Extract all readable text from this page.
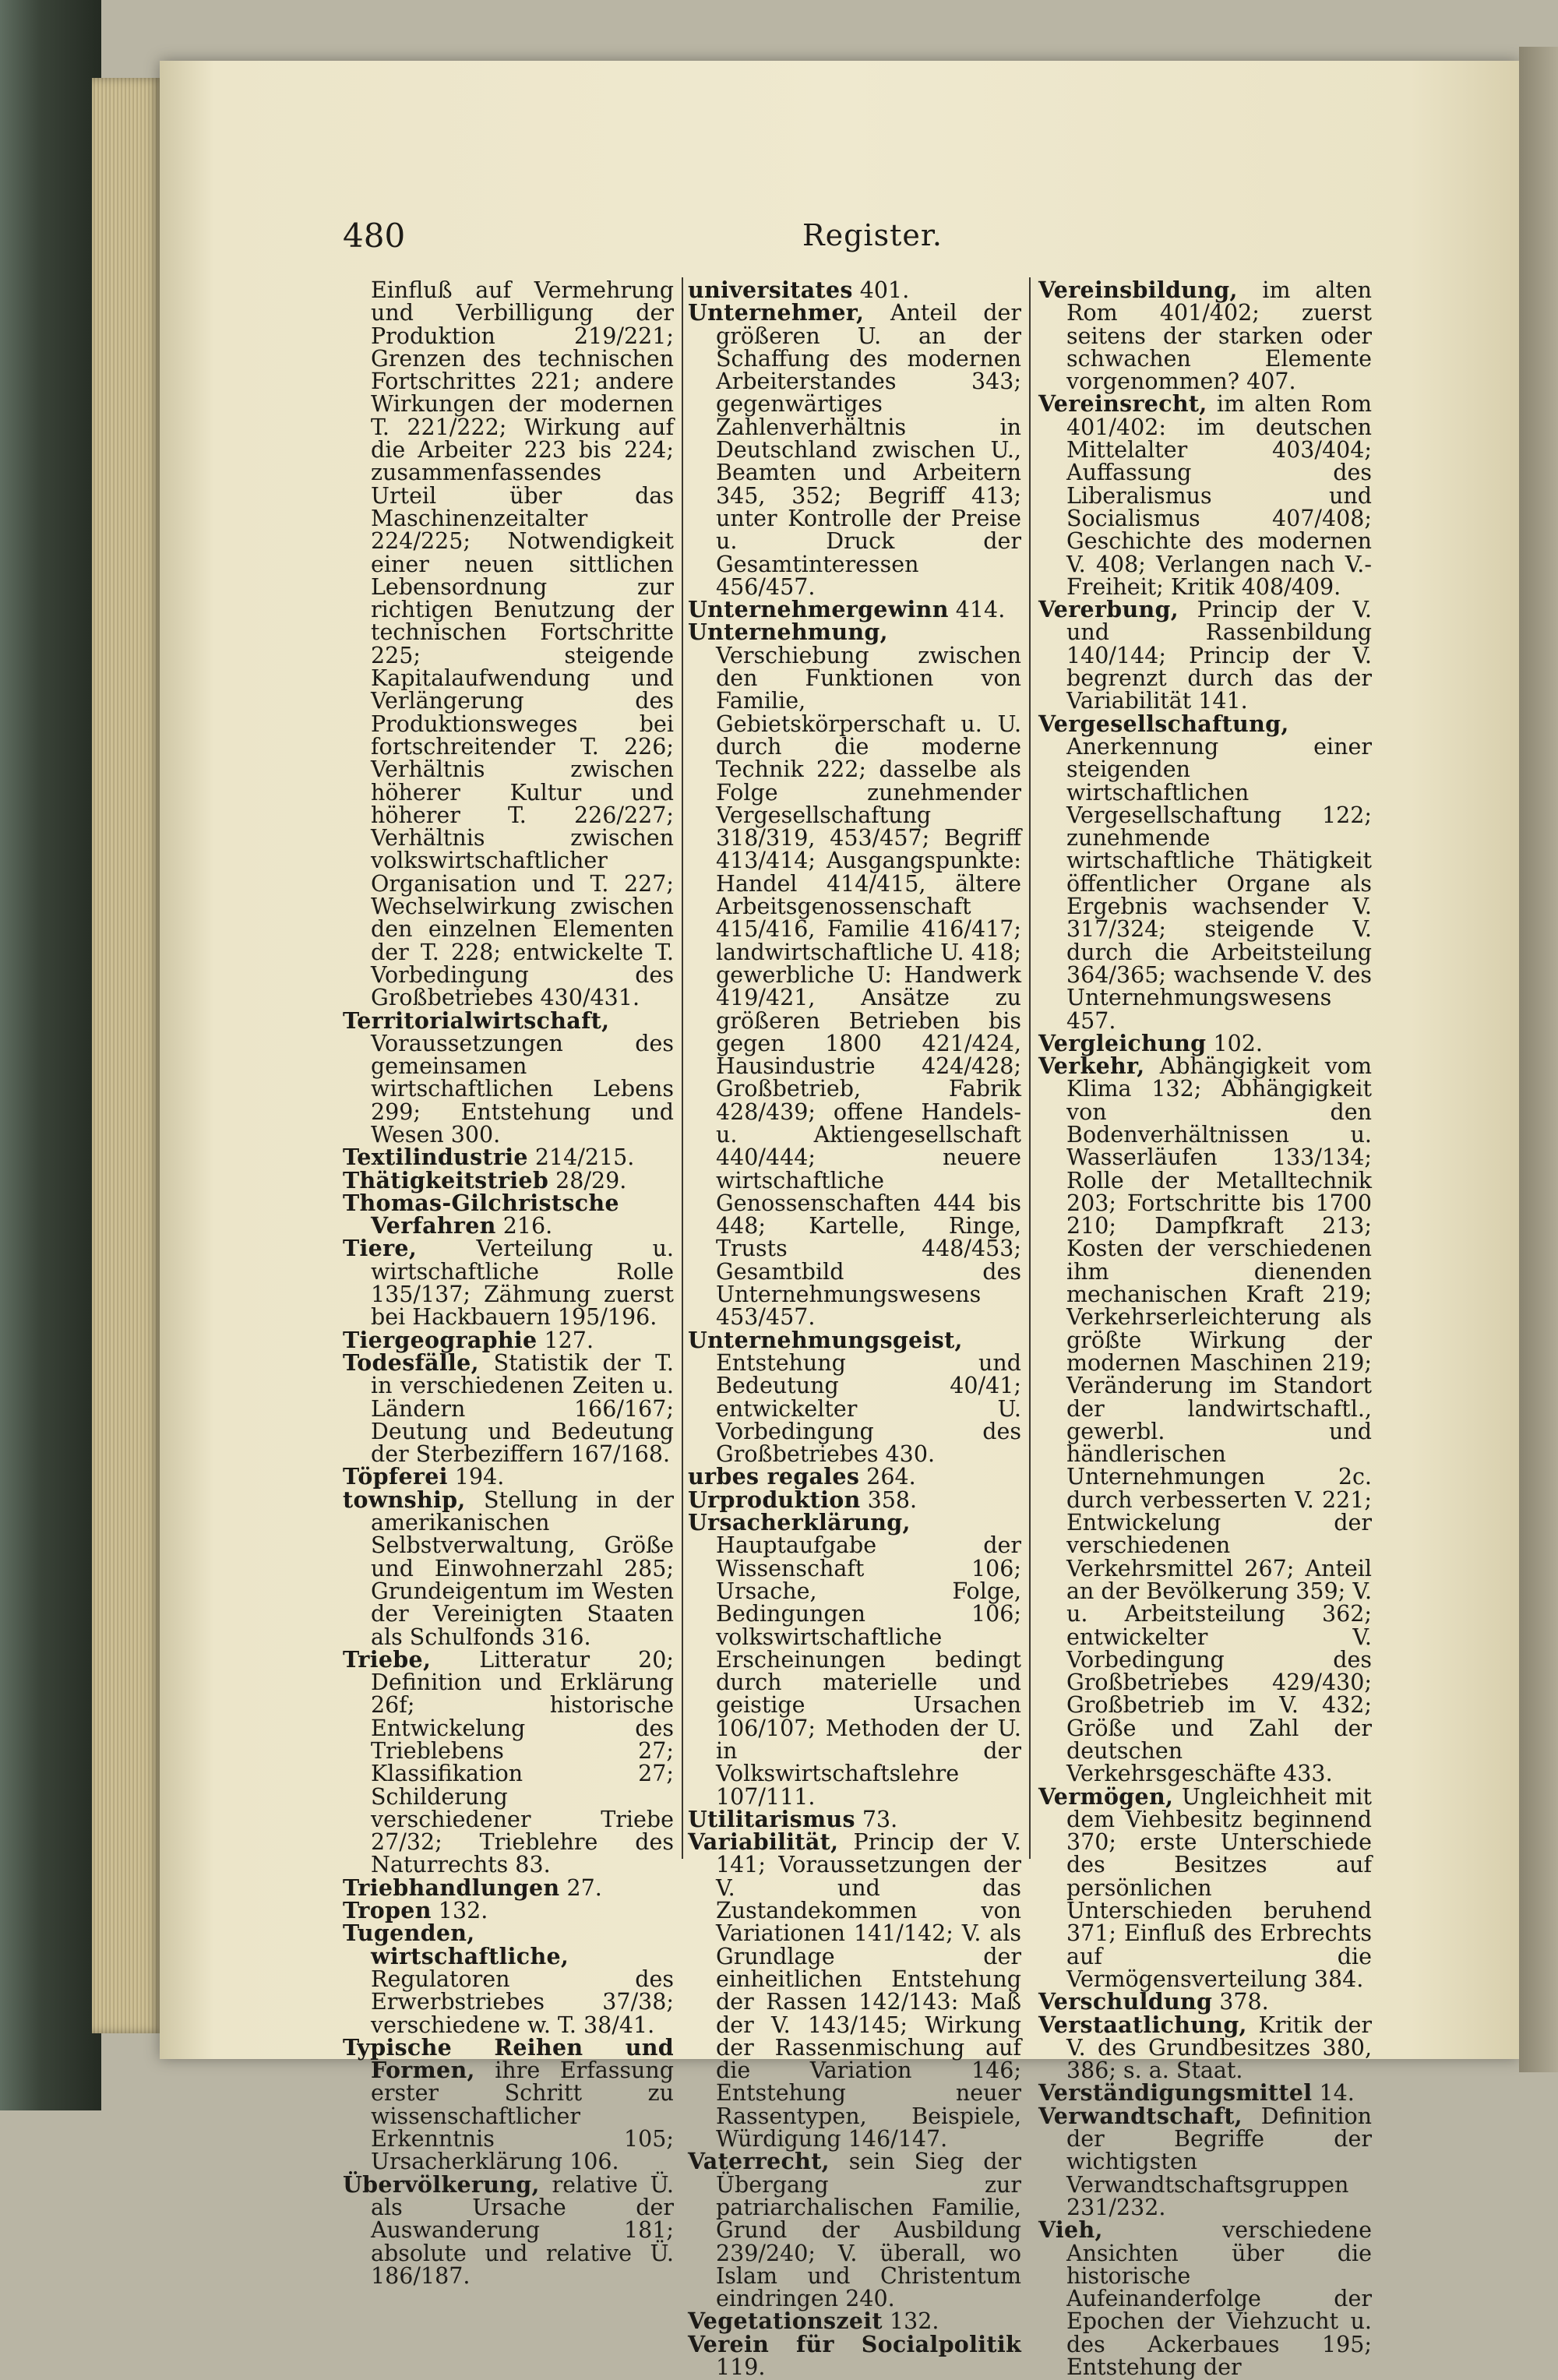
480	Register.

Einfluß auf Vermehrung und Verbilligung der Produktion 219/221; Grenzen des technischen Fortschrittes 221; andere Wirkungen der modernen T. 221/222; Wirkung auf die Arbeiter 223 bis 224; zusammenfassendes Urteil über das Maschinenzeitalter 224/225; Notwendigkeit einer neuen sittlichen Lebensordnung zur richtigen Benutzung der technischen Fortschritte 225; steigende Kapitalaufwendung und Verlängerung des Produktionsweges bei fortschreitender T. 226; Verhältnis zwischen höherer Kultur und höherer T. 226/227; Verhältnis zwischen volkswirtschaftlicher Organisation und T. 227; Wechselwirkung zwischen den einzelnen Elementen der T. 228; entwickelte T. Vorbedingung des Großbetriebes 430/431.

Territorialwirtschaft, Voraussetzungen des gemeinsamen wirtschaftlichen Lebens 299; Entstehung und Wesen 300.

Textilindustrie 214/215.

Thätigkeitstrieb 28/29.

Thomas-Gilchristsche Verfahren 216.

Tiere, Verteilung u. wirtschaftliche Rolle 135/137; Zähmung zuerst bei Hackbauern 195/196.

Tiergeographie 127.

Todesfälle, Statistik der T. in verschiedenen Zeiten u. Ländern 166/167; Deutung und Bedeutung der Sterbeziffern 167/168.

Töpferei 194.

township, Stellung in der amerikanischen Selbstverwaltung, Größe und Einwohnerzahl 285; Grundeigentum im Westen der Vereinigten Staaten als Schulfonds 316.

Triebe, Litteratur 20; Definition und Erklärung 26f; historische Entwickelung des Trieblebens 27; Klassifikation 27; Schilderung verschiedener Triebe 27/32; Trieblehre des Naturrechts 83.

Triebhandlungen 27.

Tropen 132.

Tugenden, wirtschaftliche, Regulatoren des Erwerbstriebes 37/38; verschiedene w. T. 38/41.

Typische Reihen und Formen, ihre Erfassung erster Schritt zu wissenschaftlicher Erkenntnis 105; Ursacherklärung 106.

Übervölkerung, relative Ü. als Ursache der Auswanderung 181; absolute und relative Ü. 186/187.

universitates 401.

Unternehmer, Anteil der größeren U. an der Schaffung des modernen Arbeiterstandes 343; gegenwärtiges Zahlenverhältnis in Deutschland zwischen U., Beamten und Arbeitern 345, 352; Begriff 413; unter Kontrolle der Preise u. Druck der Gesamtinteressen 456/457.

Unternehmergewinn 414.

Unternehmung, Verschiebung zwischen den Funktionen von Familie, Gebietskörperschaft u. U. durch die moderne Technik 222; dasselbe als Folge zunehmender Vergesellschaftung 318/319, 453/457; Begriff 413/414; Ausgangspunkte: Handel 414/415, ältere Arbeitsgenossenschaft 415/416, Familie 416/417; landwirtschaftliche U. 418; gewerbliche U: Handwerk 419/421, Ansätze zu größeren Betrieben bis gegen 1800 421/424, Hausindustrie 424/428; Großbetrieb, Fabrik 428/439; offene Handels- u. Aktiengesellschaft 440/444; neuere wirtschaftliche Genossenschaften 444 bis 448; Kartelle, Ringe, Trusts 448/453; Gesamtbild des Unternehmungswesens 453/457.

Unternehmungsgeist, Entstehung und Bedeutung 40/41; entwickelter U. Vorbedingung des Großbetriebes 430.

urbes regales 264.

Urproduktion 358.

Ursacherklärung, Hauptaufgabe der Wissenschaft 106; Ursache, Folge, Bedingungen 106; volkswirtschaftliche Erscheinungen bedingt durch materielle und geistige Ursachen 106/107; Methoden der U. in der Volkswirtschaftslehre 107/111.

Utilitarismus 73.

Variabilität, Princip der V. 141; Voraussetzungen der V. und das Zustandekommen von Variationen 141/142; V. als Grundlage der einheitlichen Entstehung der Rassen 142/143: Maß der V. 143/145; Wirkung der Rassenmischung auf die Variation 146; Entstehung neuer Rassentypen, Beispiele, Würdigung 146/147.

Vaterrecht, sein Sieg der Übergang zur patriarchalischen Familie, Grund der Ausbildung 239/240; V. überall, wo Islam und Christentum eindringen 240.

Vegetationszeit 132.

Verein für Socialpolitik 119.

Vereinsbildung, im alten Rom 401/402; zuerst seitens der starken oder schwachen Elemente vorgenommen? 407.

Vereinsrecht, im alten Rom 401/402: im deutschen Mittelalter 403/404; Auffassung des Liberalismus und Socialismus 407/408; Geschichte des modernen V. 408; Verlangen nach V.-Freiheit; Kritik 408/409.

Vererbung, Princip der V. und Rassenbildung 140/144; Princip der V. begrenzt durch das der Variabilität 141.

Vergesellschaftung, Anerkennung einer steigenden wirtschaftlichen Vergesellschaftung 122; zunehmende wirtschaftliche Thätigkeit öffentlicher Organe als Ergebnis wachsender V. 317/324; steigende V. durch die Arbeitsteilung 364/365; wachsende V. des Unternehmungswesens 457.

Vergleichung 102.

Verkehr, Abhängigkeit vom Klima 132; Abhängigkeit von den Bodenverhältnissen u. Wasserläufen 133/134; Rolle der Metalltechnik 203; Fortschritte bis 1700 210; Dampfkraft 213; Kosten der verschiedenen ihm dienenden mechanischen Kraft 219; Verkehrserleichterung als größte Wirkung der modernen Maschinen 219; Veränderung im Standort der landwirtschaftl., gewerbl. und händlerischen Unternehmungen 2c. durch verbesserten V. 221; Entwickelung der verschiedenen Verkehrsmittel 267; Anteil an der Bevölkerung 359; V. u. Arbeitsteilung 362; entwickelter V. Vorbedingung des Großbetriebes 429/430; Großbetrieb im V. 432; Größe und Zahl der deutschen Verkehrsgeschäfte 433.

Vermögen, Ungleichheit mit dem Viehbesitz beginnend 370; erste Unterschiede des Besitzes auf persönlichen Unterschieden beruhend 371; Einfluß des Erbrechts auf die Vermögensverteilung 384.

Verschuldung 378.

Verstaatlichung, Kritik der V. des Grundbesitzes 380, 386; s. a. Staat.

Verständigungsmittel 14.

Verwandtschaft, Definition der Begriffe der wichtigsten Verwandtschaftsgruppen 231/232.

Vieh, verschiedene Ansichten über die historische Aufeinanderfolge der Epochen der Viehzucht u. des Ackerbaues 195; Entstehung der
